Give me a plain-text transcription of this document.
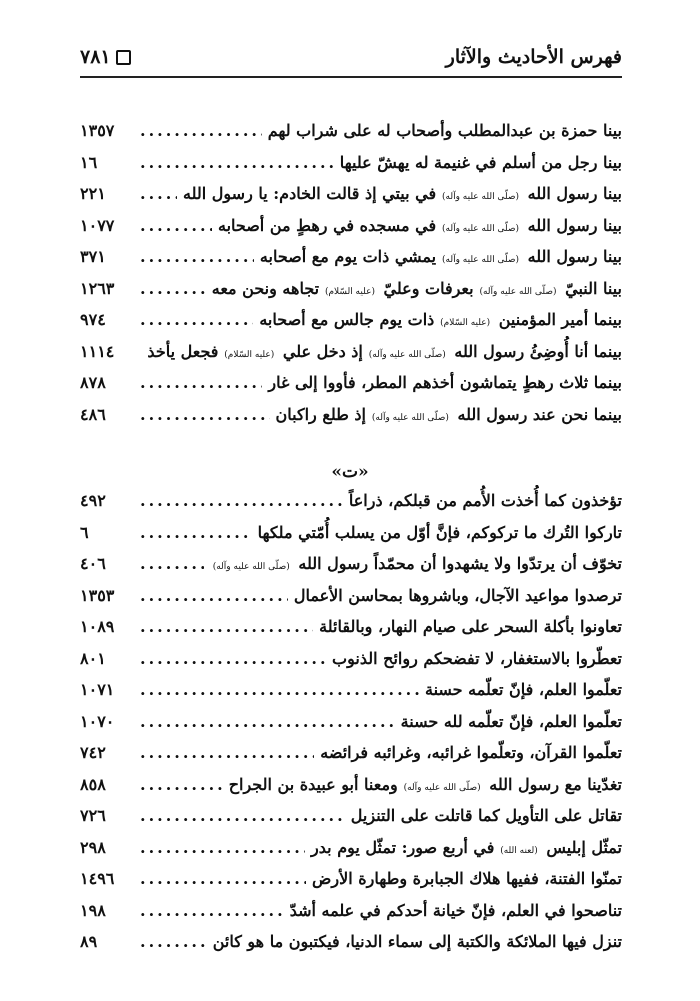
فهرس الأحاديث والآثار
٧٨١
بينا حمزة بن عبدالمطلب وأصحاب له على شراب لهم
.....
١٣٥٧
بينا رجل من أسلم في غنيمة له يهشّ عليها
.....
١٦
بينا رسول الله (صلّى الله عليه وآله) في بيتي إذ قالت الخادم: يا رسول الله
.....
٢٢١
بينا رسول الله (صلّى الله عليه وآله) في مسجده في رهطٍ من أصحابه
.....
١٠٧٧
بينا رسول الله (صلّى الله عليه وآله) يمشي ذات يوم مع أصحابه
.....
٣٧١
بينا النبيّ (صلّى الله عليه وآله) بعرفات وعليّ (عليه السّلام) تجاهه ونحن معه
.....
١٢٦٣
بينما أمير المؤمنين (عليه السّلام) ذات يوم جالس مع أصحابه
.....
٩٧٤
بينما أنا أُوضِئُ رسول الله (صلّى الله عليه وآله) إذ دخل علي (عليه السّلام) فجعل يأخذ
.....
١١١٤
بينما ثلاث رهطٍ يتماشون أخذهم المطر، فأووا إلى غار
.....
٨٧٨
بينما نحن عند رسول الله (صلّى الله عليه وآله) إذ طلع راكبان
.....
٤٨٦
«ت»
تؤخذون كما أُخذت الأُمم من قبلكم، ذراعاً
.....
٤٩٢
تاركوا التُرك ما تركوكم، فإنَّ أوّل من يسلب أُمّتي ملكها
.....
٦
تخوّف أن يرتدّوا ولا يشهدوا أن محمّداً رسول الله (صلّى الله عليه وآله)
.....
٤٠٦
ترصدوا مواعيد الآجال، وباشروها بمحاسن الأعمال
.....
١٣٥٣
تعاونوا بأكلة السحر على صيام النهار، وبالقائلة
.....
١٠٨٩
تعطّروا بالاستغفار، لا تفضحكم روائح الذنوب
.....
٨٠١
تعلّموا العلم، فإنّ تعلّمه حسنة
.....
١٠٧١
تعلّموا العلم، فإنّ تعلّمه لله حسنة
.....
١٠٧٠
تعلّموا القرآن، وتعلّموا غرائبه، وغرائبه فرائضه
.....
٧٤٢
تغدّينا مع رسول الله (صلّى الله عليه وآله) ومعنا أبو عبيدة بن الجراح
.....
٨٥٨
تقاتل على التأويل كما قاتلت على التنزيل
.....
٧٢٦
تمثّل إبليس (لعنه الله) في أربع صور: تمثّل يوم بدر
.....
٢٩٨
تمنّوا الفتنة، ففيها هلاك الجبابرة وطهارة الأرض
.....
١٤٩٦
تناصحوا في العلم، فإنّ خيانة أحدكم في علمه أشدّ
.....
١٩٨
تنزل فيها الملائكة والكتبة إلى سماء الدنيا، فيكتبون ما هو كائن
.....
٨٩
